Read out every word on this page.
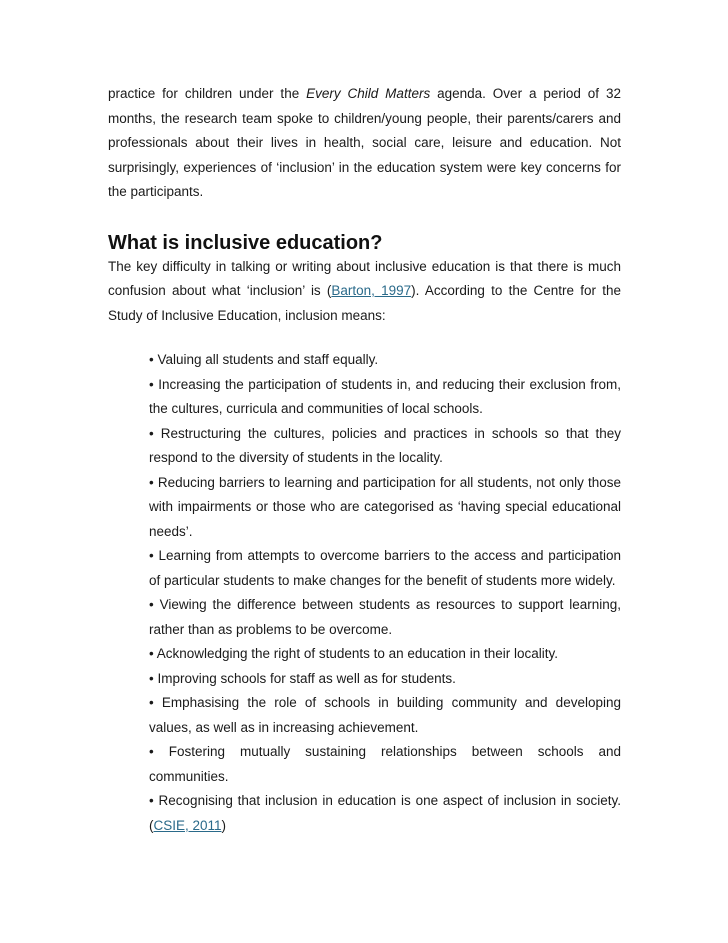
practice for children under the Every Child Matters agenda. Over a period of 32 months, the research team spoke to children/young people, their parents/carers and professionals about their lives in health, social care, leisure and education. Not surprisingly, experiences of ‘inclusion’ in the education system were key concerns for the participants.

What is inclusive education?

The key difficulty in talking or writing about inclusive education is that there is much confusion about what ‘inclusion’ is (Barton, 1997). According to the Centre for the Study of Inclusive Education, inclusion means:

• Valuing all students and staff equally.
• Increasing the participation of students in, and reducing their exclusion from, the cultures, curricula and communities of local schools.
• Restructuring the cultures, policies and practices in schools so that they respond to the diversity of students in the locality.
• Reducing barriers to learning and participation for all students, not only those with impairments or those who are categorised as ‘having special educational needs’.
• Learning from attempts to overcome barriers to the access and participation of particular students to make changes for the benefit of students more widely.
• Viewing the difference between students as resources to support learning, rather than as problems to be overcome.
• Acknowledging the right of students to an education in their locality.
• Improving schools for staff as well as for students.
• Emphasising the role of schools in building community and developing values, as well as in increasing achievement.
• Fostering mutually sustaining relationships between schools and communities.
• Recognising that inclusion in education is one aspect of inclusion in society. (CSIE, 2011)
